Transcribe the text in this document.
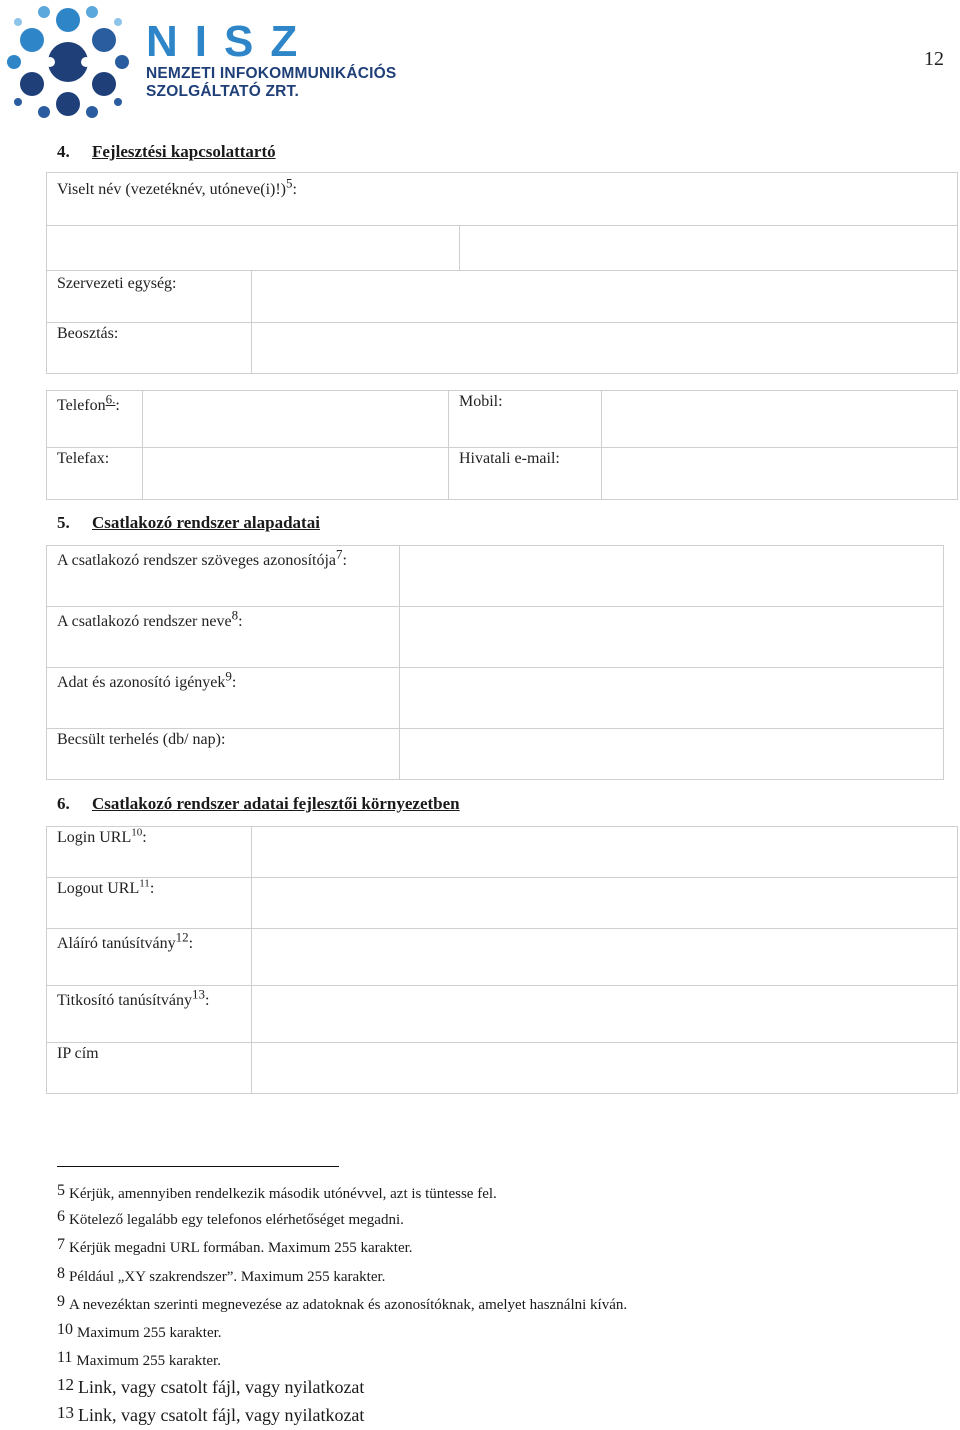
NISZ
NEMZETI INFOKOMMUNIKÁCIÓS
SZOLGÁLTATÓ ZRT.
12
4. Fejlesztési kapcsolattartó
Viselt név (vezetéknév, utóneve(i)!)$^5$:		

Szervezeti egység:		
Beosztás:		
Telefon$^{6.}$:		Mobil:	
Telefax:		Hivatali e-mail:	
5. Csatlakozó rendszer alapadatai
A csatlakozó rendszer szöveges azonosítója$^7$:	
A csatlakozó rendszer neve$^8$:	
Adat és azonosító igények$^9$:	
Becsült terhelés (db/ nap):	
6. Csatlakozó rendszer adatai fejlesztői környezetben
Login URL$^{10}$:	
Logout URL$^{11}$:	
Aláíró tanúsítvány$^{12}$:	
Titkosító tanúsítvány$^{13}$:	
IP cím	
5 Kérjük, amennyiben rendelkezik második utónévvel, azt is tüntesse fel.
6 Kötelező legalább egy telefonos elérhetőséget megadni.
7 Kérjük megadni URL formában. Maximum 255 karakter.
8 Például „XY szakrendszer”. Maximum 255 karakter.
9 A nevezéktan szerinti megnevezése az adatoknak és azonosítóknak, amelyet használni kíván.
10 Maximum 255 karakter.
11 Maximum 255 karakter.
12 Link, vagy csatolt fájl, vagy nyilatkozat
13 Link, vagy csatolt fájl, vagy nyilatkozat
